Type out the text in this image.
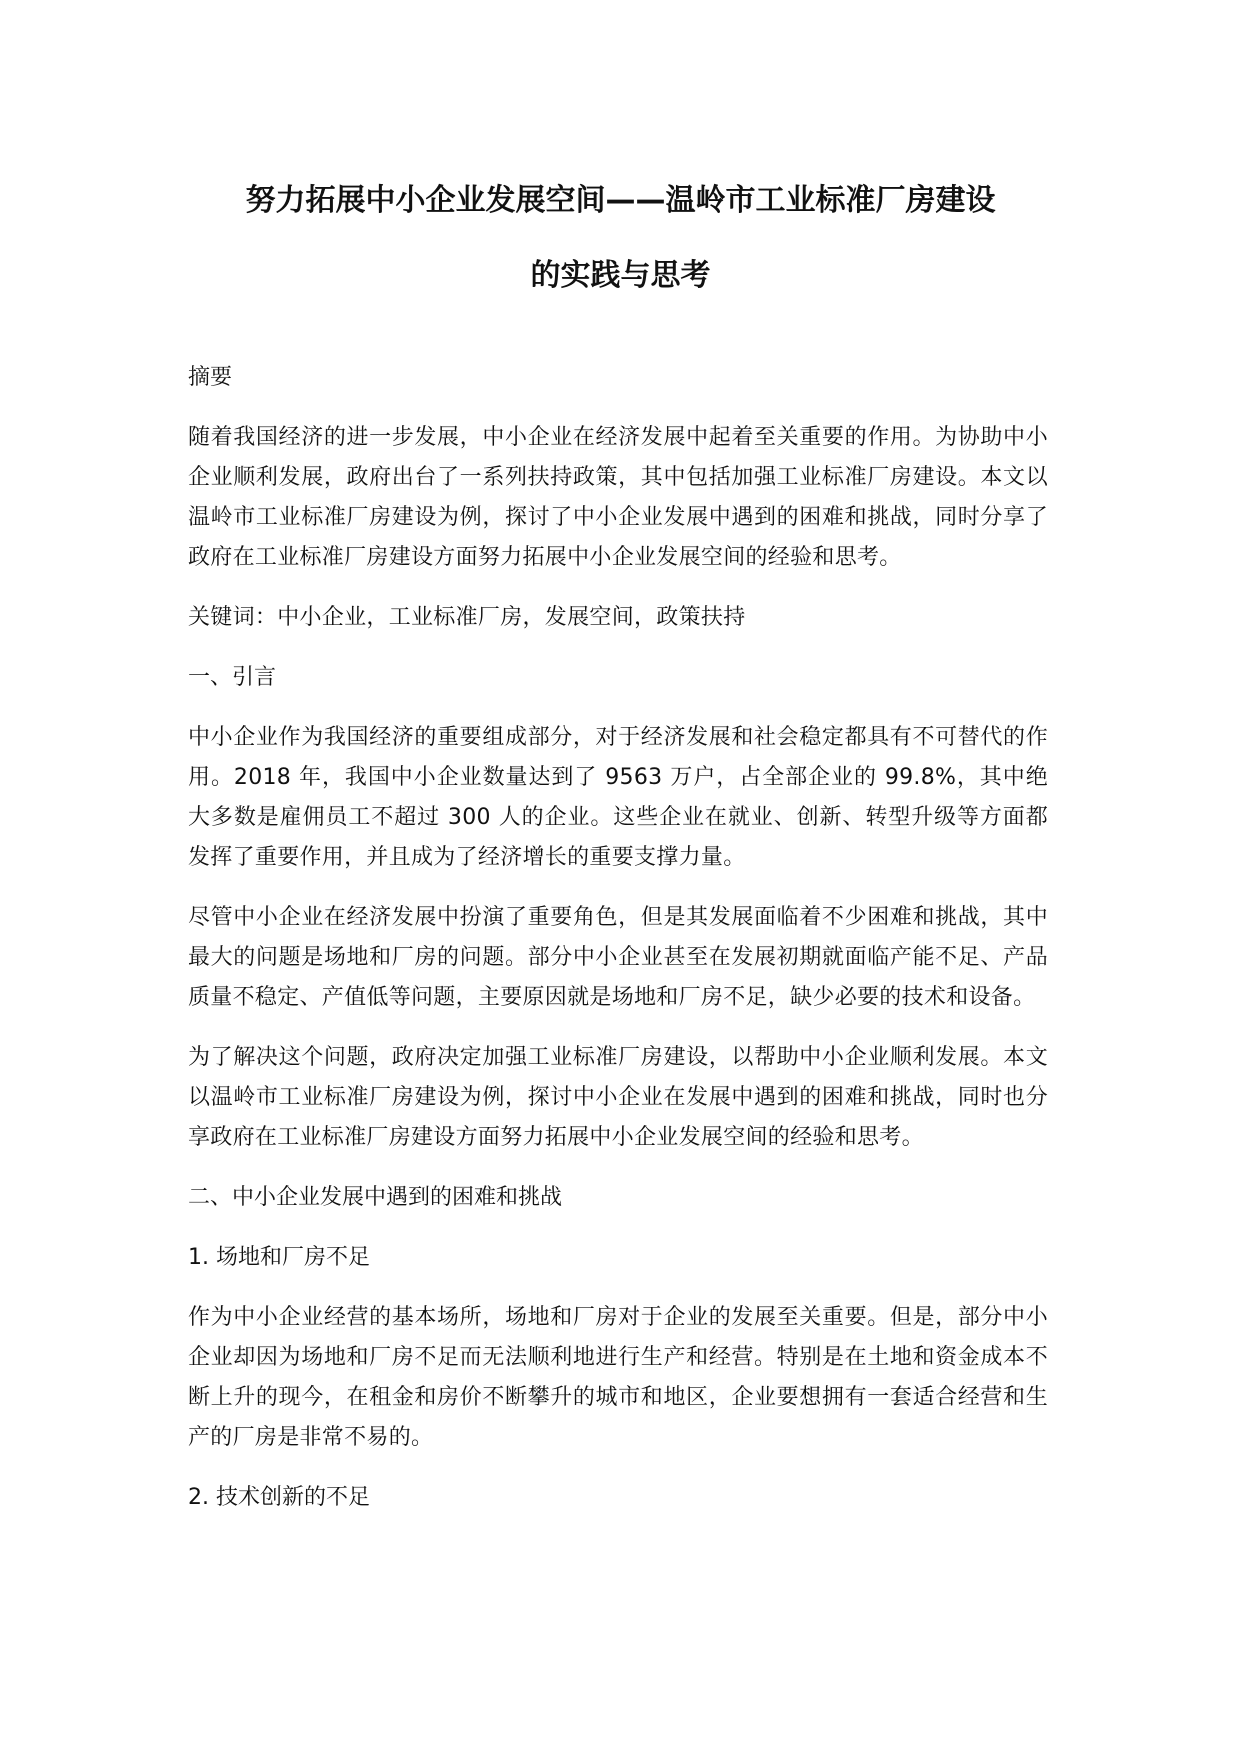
努力拓展中小企业发展空间——温岭市工业标准厂房建设
的实践与思考
摘要

随着我国经济的进一步发展，中小企业在经济发展中起着至关重要的作用。为协助中小企业顺利发展，政府出台了一系列扶持政策，其中包括加强工业标准厂房建设。本文以温岭市工业标准厂房建设为例，探讨了中小企业发展中遇到的困难和挑战，同时分享了政府在工业标准厂房建设方面努力拓展中小企业发展空间的经验和思考。

关键词：中小企业，工业标准厂房，发展空间，政策扶持

一、引言

中小企业作为我国经济的重要组成部分，对于经济发展和社会稳定都具有不可替代的作用。2018 年，我国中小企业数量达到了 9563 万户，占全部企业的 99.8%，其中绝大多数是雇佣员工不超过 300 人的企业。这些企业在就业、创新、转型升级等方面都发挥了重要作用，并且成为了经济增长的重要支撑力量。

尽管中小企业在经济发展中扮演了重要角色，但是其发展面临着不少困难和挑战，其中最大的问题是场地和厂房的问题。部分中小企业甚至在发展初期就面临产能不足、产品质量不稳定、产值低等问题，主要原因就是场地和厂房不足，缺少必要的技术和设备。

为了解决这个问题，政府决定加强工业标准厂房建设，以帮助中小企业顺利发展。本文以温岭市工业标准厂房建设为例，探讨中小企业在发展中遇到的困难和挑战，同时也分享政府在工业标准厂房建设方面努力拓展中小企业发展空间的经验和思考。

二、中小企业发展中遇到的困难和挑战
1. 场地和厂房不足

作为中小企业经营的基本场所，场地和厂房对于企业的发展至关重要。但是，部分中小企业却因为场地和厂房不足而无法顺利地进行生产和经营。特别是在土地和资金成本不断上升的现今，在租金和房价不断攀升的城市和地区，企业要想拥有一套适合经营和生产的厂房是非常不易的。

2. 技术创新的不足
